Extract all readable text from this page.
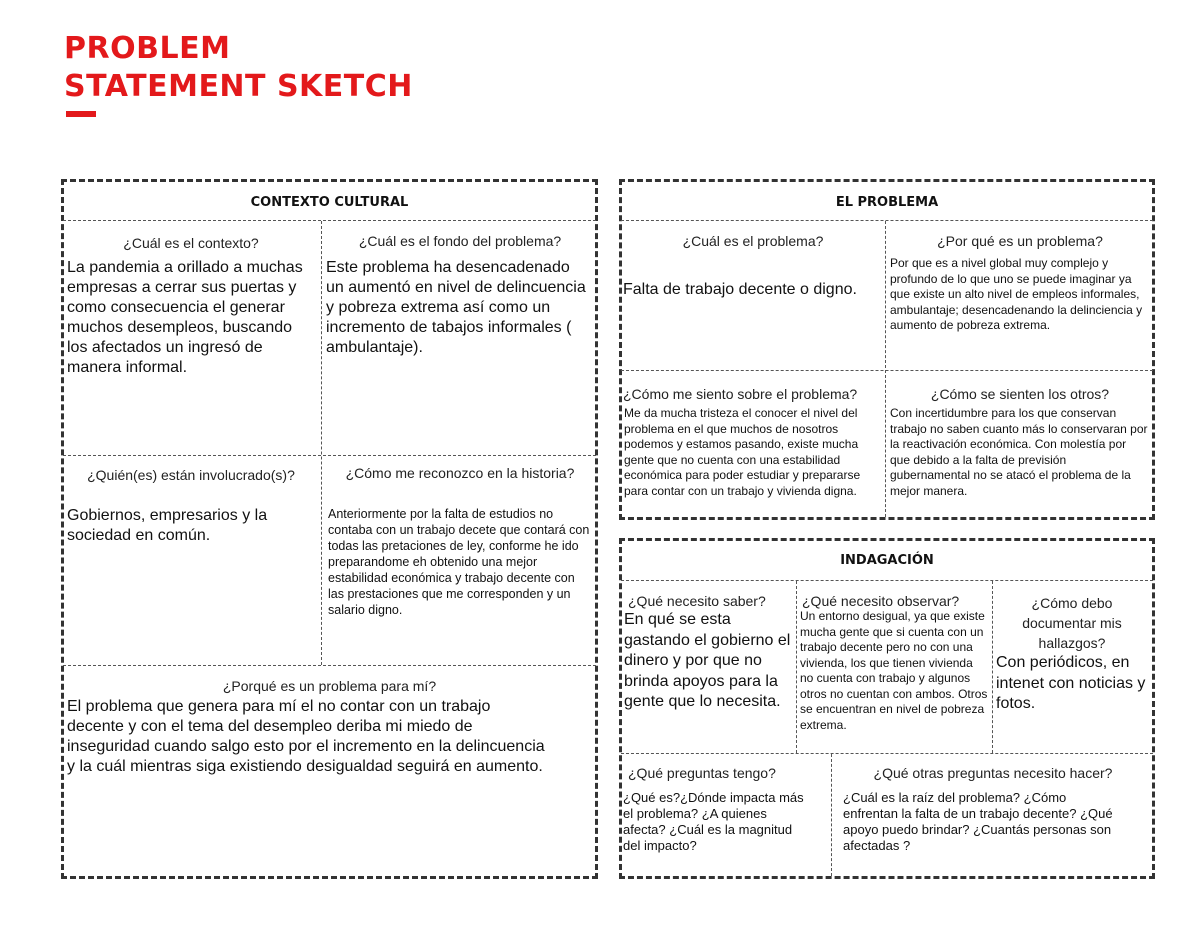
PROBLEM
STATEMENT SKETCH
CONTEXTO CULTURAL
¿Cuál es el contexto?
La pandemia a orillado a muchas empresas a cerrar sus puertas y como consecuencia el generar muchos desempleos, buscando los afectados un ingresó de manera informal.
¿Cuál es el fondo del problema?
Este problema ha desencadenado un aumentó en nivel de delincuencia y pobreza extrema así como un incremento de tabajos informales ( ambulantaje).
¿Quién(es) están involucrado(s)?
Gobiernos, empresarios y la sociedad en común.
¿Cómo me reconozco en la historia?
Anteriormente por la falta de estudios no contaba con un trabajo decete que contará con todas las pretaciones de ley, conforme he ido preparandome eh obtenido una mejor estabilidad económica y trabajo decente con las prestaciones que me corresponden y un salario digno.
¿Porqué es un problema para mí?
El problema que genera para mí el no contar con un trabajo decente y con el tema del desempleo deriba mi miedo de inseguridad cuando salgo esto por el incremento en la delincuencia y la cuál mientras siga existiendo desigualdad seguirá en aumento.
EL PROBLEMA
¿Cuál es el problema?
Falta de trabajo decente o digno.
¿Por qué es un problema?
Por que es a nivel global muy complejo y profundo de lo que uno se puede imaginar ya que existe un alto nivel de empleos informales, ambulantaje; desencadenando la delinciencia y aumento de pobreza extrema.
¿Cómo me siento sobre el problema?
Me da mucha tristeza el conocer el nivel del problema en el que muchos de nosotros podemos y estamos pasando, existe mucha gente que no cuenta con una estabilidad económica para poder estudiar y prepararse para contar con un trabajo y vivienda digna.
¿Cómo se sienten los otros?
Con incertidumbre para los que conservan trabajo no saben cuanto más lo conservaran por la reactivación económica. Con molestía por que debido a la falta de previsión gubernamental no se atacó el problema de la mejor manera.
INDAGACIÓN
¿Qué necesito saber?
En qué se esta gastando el gobierno el dinero y por que no brinda apoyos para la gente que lo necesita.
¿Qué necesito observar?
Un entorno desigual, ya que existe mucha gente que si cuenta con un trabajo decente pero no con una vivienda, los que tienen vivienda no cuenta con trabajo y algunos otros no cuentan con ambos. Otros se encuentran en nivel de pobreza extrema.
¿Cómo debo documentar mis hallazgos?
Con periódicos, en intenet con noticias y fotos.
¿Qué preguntas tengo?
¿Qué es?¿Dónde impacta más el problema? ¿A quienes afecta? ¿Cuál es la magnitud del impacto?
¿Qué otras preguntas necesito hacer?
¿Cuál es la raíz del problema? ¿Cómo enfrentan la falta de un trabajo decente? ¿Qué apoyo puedo brindar? ¿Cuantás personas son afectadas ?
